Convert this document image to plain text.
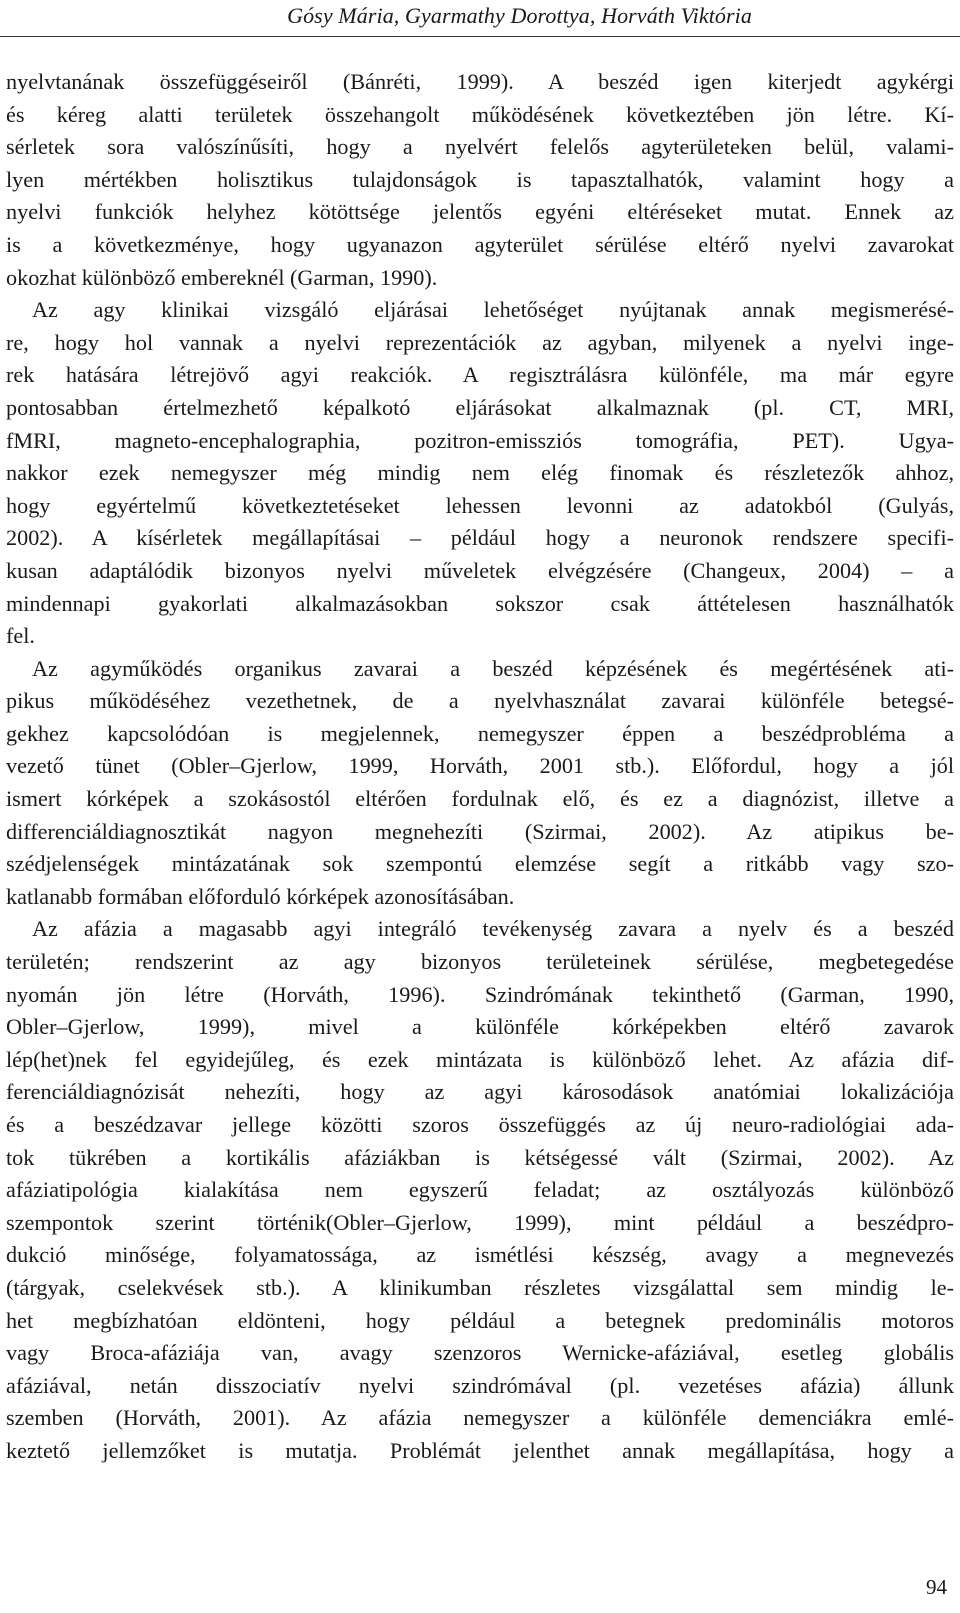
Gósy Mária, Gyarmathy Dorottya, Horváth Viktória
nyelvtanának összefüggéseiről (Bánréti, 1999). A beszéd igen kiterjedt agykérgi
és kéreg alatti területek összehangolt működésének következtében jön létre. Kí-
sérletek sora valószínűsíti, hogy a nyelvért felelős agyterületeken belül, valami-
lyen mértékben holisztikus tulajdonságok is tapasztalhatók, valamint hogy a
nyelvi funkciók helyhez kötöttsége jelentős egyéni eltéréseket mutat. Ennek az
is a következménye, hogy ugyanazon agyterület sérülése eltérő nyelvi zavarokat
okozhat különböző embereknél (Garman, 1990).
Az agy klinikai vizsgáló eljárásai lehetőséget nyújtanak annak megismerésé-
re, hogy hol vannak a nyelvi reprezentációk az agyban, milyenek a nyelvi inge-
rek hatására létrejövő agyi reakciók. A regisztrálásra különféle, ma már egyre
pontosabban értelmezhető képalkotó eljárásokat alkalmaznak (pl. CT, MRI,
fMRI, magneto-encephalographia, pozitron-emissziós tomográfia, PET). Ugya-
nakkor ezek nemegyszer még mindig nem elég finomak és részletezők ahhoz,
hogy egyértelmű következtetéseket lehessen levonni az adatokból (Gulyás,
2002). A kísérletek megállapításai – például hogy a neuronok rendszere specifi-
kusan adaptálódik bizonyos nyelvi műveletek elvégzésére (Changeux, 2004) – a
mindennapi gyakorlati alkalmazásokban sokszor csak áttételesen használhatók
fel.
Az agyműködés organikus zavarai a beszéd képzésének és megértésének ati-
pikus működéséhez vezethetnek, de a nyelvhasználat zavarai különféle betegsé-
gekhez kapcsolódóan is megjelennek, nemegyszer éppen a beszédprobléma a
vezető tünet (Obler–Gjerlow, 1999, Horváth, 2001 stb.). Előfordul, hogy a jól
ismert kórképek a szokásostól eltérően fordulnak elő, és ez a diagnózist, illetve a
differenciáldiagnosztikát nagyon megnehezíti (Szirmai, 2002). Az atipikus be-
szédjelenségek mintázatának sok szempontú elemzése segít a ritkább vagy szo-
katlanabb formában előforduló kórképek azonosításában.
Az afázia a magasabb agyi integráló tevékenység zavara a nyelv és a beszéd
területén; rendszerint az agy bizonyos területeinek sérülése, megbetegedése
nyomán jön létre (Horváth, 1996). Szindrómának tekinthető (Garman, 1990,
Obler–Gjerlow, 1999), mivel a különféle kórképekben eltérő zavarok
lép(het)nek fel egyidejűleg, és ezek mintázata is különböző lehet. Az afázia dif-
ferenciáldiagnózisát nehezíti, hogy az agyi károsodások anatómiai lokalizációja
és a beszédzavar jellege közötti szoros összefüggés az új neuro-radiológiai ada-
tok tükrében a kortikális afáziákban is kétségessé vált (Szirmai, 2002). Az
afáziatipológia kialakítása nem egyszerű feladat; az osztályozás különböző
szempontok szerint történik(Obler–Gjerlow, 1999), mint például a beszédpro-
dukció minősége, folyamatossága, az ismétlési készség, avagy a megnevezés
(tárgyak, cselekvések stb.). A klinikumban részletes vizsgálattal sem mindig le-
het megbízhatóan eldönteni, hogy például a betegnek predominális motoros
vagy Broca-afáziája van, avagy szenzoros Wernicke-afáziával, esetleg globális
afáziával, netán disszociatív nyelvi szindrómával (pl. vezetéses afázia) állunk
szemben (Horváth, 2001). Az afázia nemegyszer a különféle demenciákra emlé-
keztető jellemzőket is mutatja. Problémát jelenthet annak megállapítása, hogy a
94
